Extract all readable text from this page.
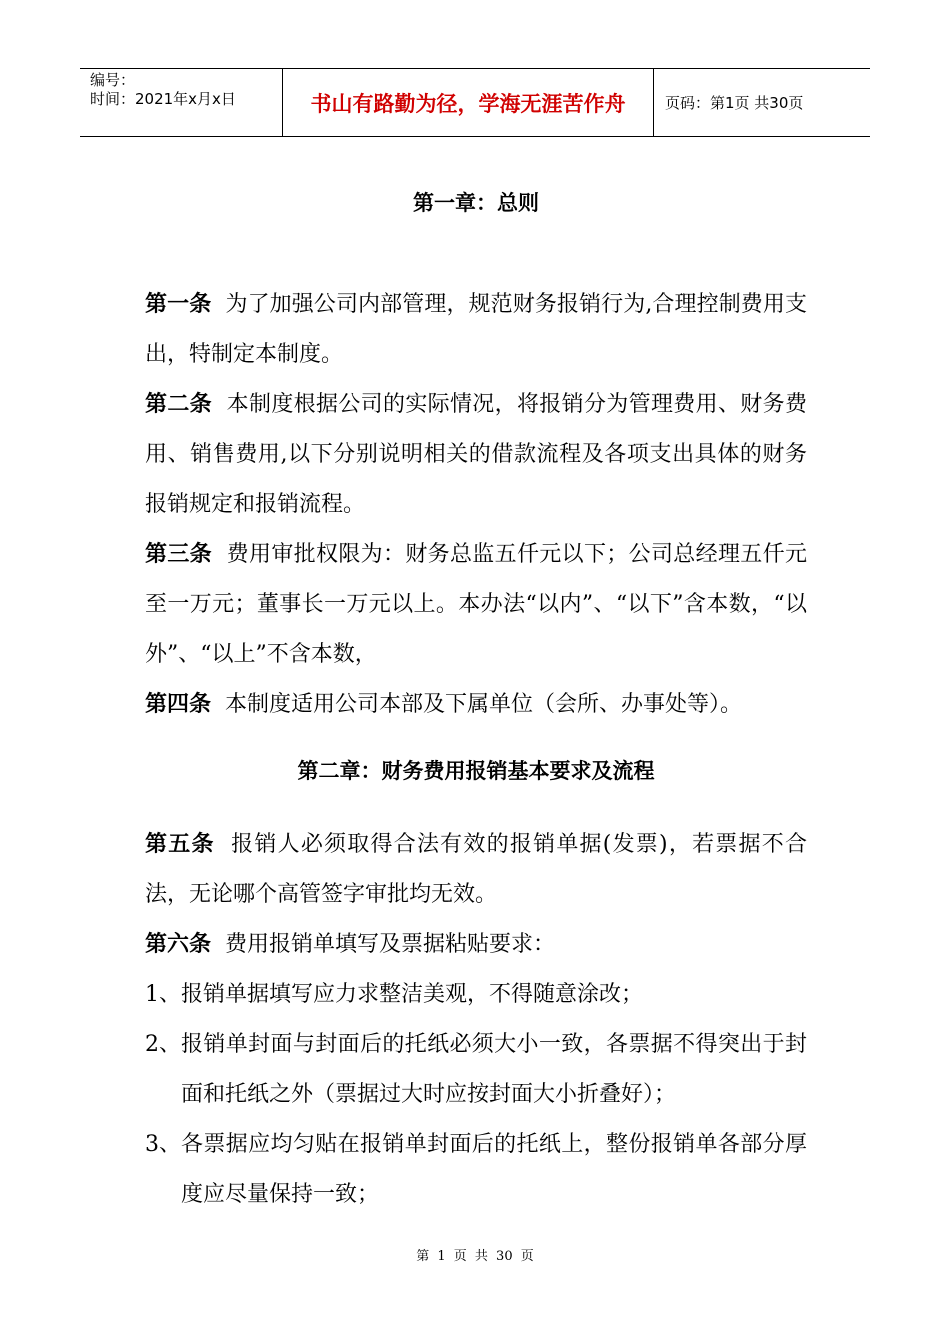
编号：
时间：2021年x月x日	书山有路勤为径，学海无涯苦作舟	页码：第1页 共30页
第一章：总则
第一条 为了加强公司内部管理，规范财务报销行为,合理控制费用支出，特制定本制度。
第二条 本制度根据公司的实际情况，将报销分为管理费用、财务费用、销售费用,以下分别说明相关的借款流程及各项支出具体的财务报销规定和报销流程。
第三条 费用审批权限为：财务总监五仟元以下；公司总经理五仟元至一万元；董事长一万元以上。本办法“以内”、“以下”含本数，“以外”、“以上”不含本数，
第四条 本制度适用公司本部及下属单位（会所、办事处等）。
第二章：财务费用报销基本要求及流程
第五条 报销人必须取得合法有效的报销单据(发票)，若票据不合法，无论哪个高管签字审批均无效。
第六条 费用报销单填写及票据粘贴要求：
1、 报销单据填写应力求整洁美观，不得随意涂改；
2、 报销单封面与封面后的托纸必须大小一致，各票据不得突出于封面和托纸之外（票据过大时应按封面大小折叠好）；
3、 各票据应均匀贴在报销单封面后的托纸上，整份报销单各部分厚度应尽量保持一致；
第 1 页 共 30 页
